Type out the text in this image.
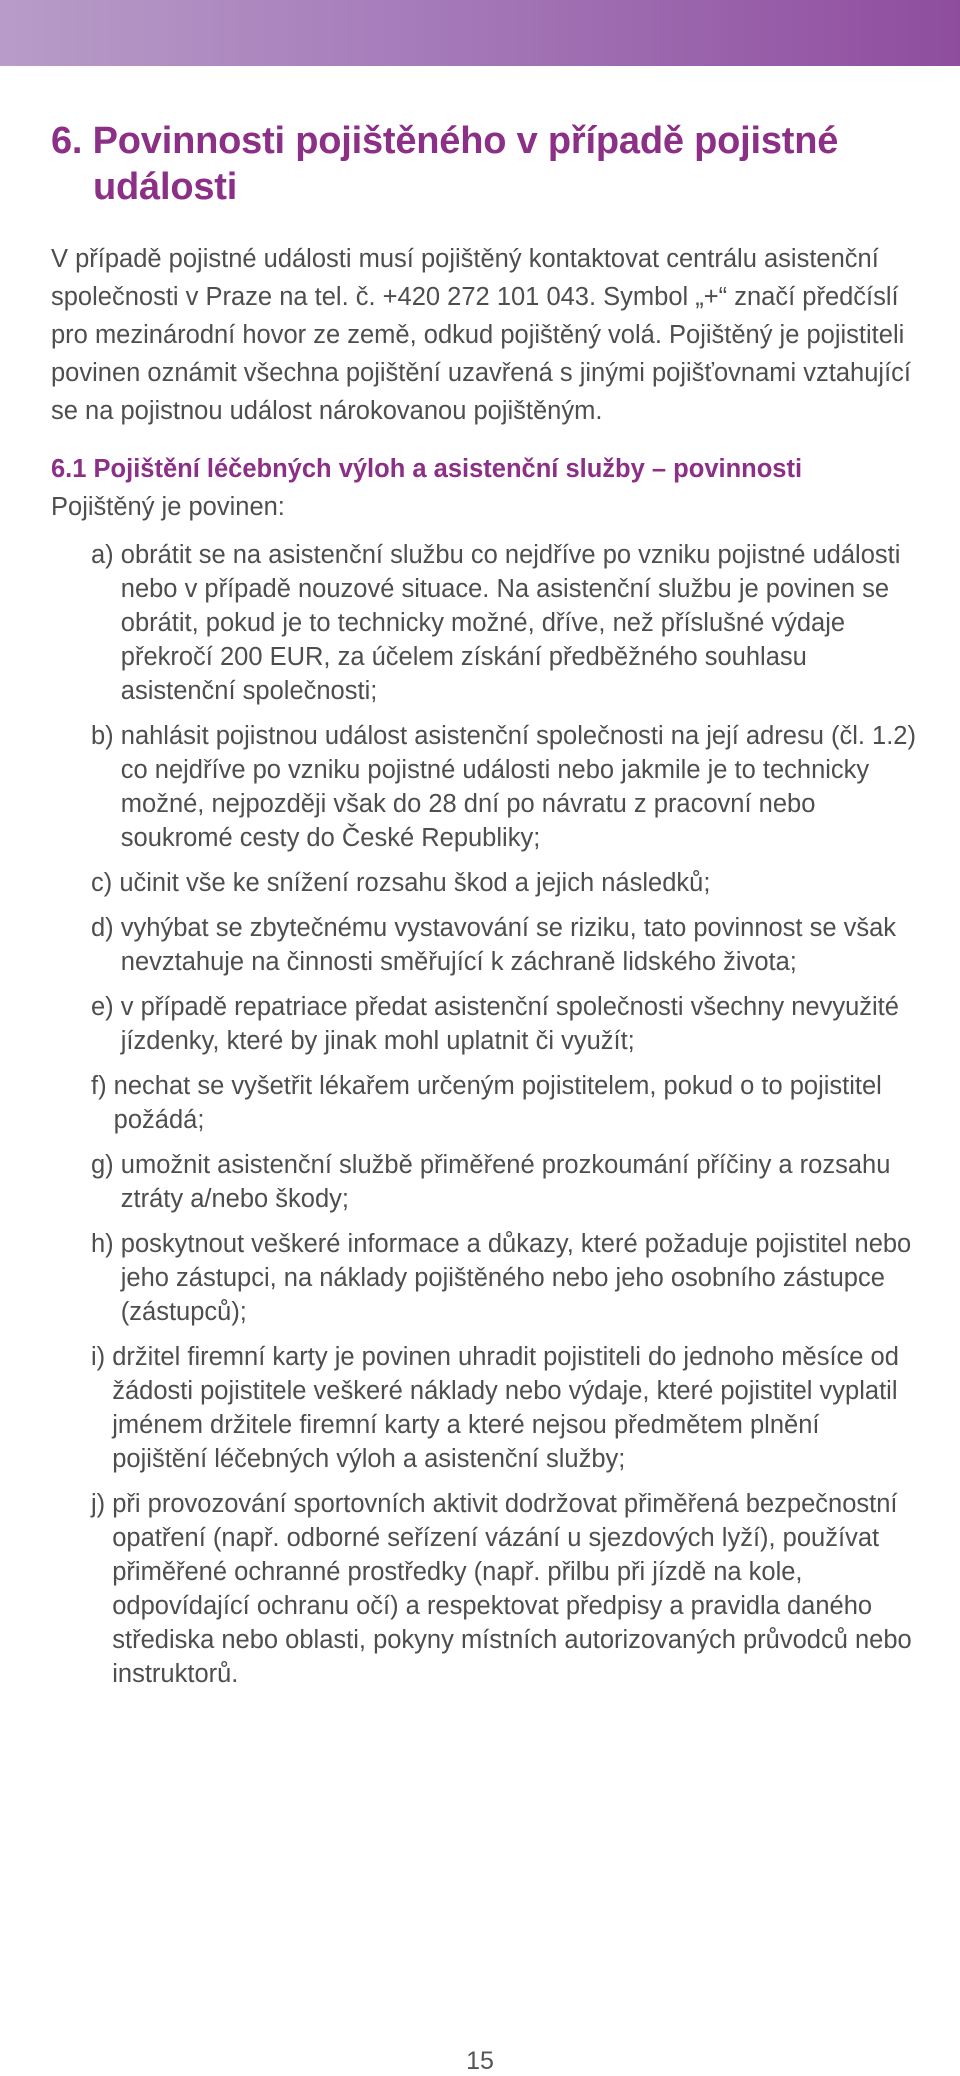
6. Povinnosti pojištěného v případě pojistné události

V případě pojistné události musí pojištěný kontaktovat centrálu asistenční společnosti v Praze na tel. č. +420 272 101 043. Symbol „+“ značí předčíslí pro mezinárodní hovor ze země, odkud pojištěný volá. Pojištěný je pojistiteli povinen oznámit všechna pojištění uzavřená s jinými pojišťovnami vztahující se na pojistnou událost nárokovanou pojištěným.

6.1 Pojištění léčebných výloh a asistenční služby – povinnosti

Pojištěný je povinen:

a) obrátit se na asistenční službu co nejdříve po vzniku pojistné události nebo v případě nouzové situace. Na asistenční službu je povinen se obrátit, pokud je to technicky možné, dříve, než příslušné výdaje překročí 200 EUR, za účelem získání předběžného souhlasu asistenční společnosti;
b) nahlásit pojistnou událost asistenční společnosti na její adresu (čl. 1.2) co nejdříve po vzniku pojistné události nebo jakmile je to technicky možné, nejpozději však do 28 dní po návratu z pracovní nebo soukromé cesty do České Republiky;
c) učinit vše ke snížení rozsahu škod a jejich následků;
d) vyhýbat se zbytečnému vystavování se riziku, tato povinnost se však nevztahuje na činnosti směřující k záchraně lidského života;
e) v případě repatriace předat asistenční společnosti všechny nevyužité jízdenky, které by jinak mohl uplatnit či využít;
f) nechat se vyšetřit lékařem určeným pojistitelem, pokud o to pojistitel požádá;
g) umožnit asistenční službě přiměřené prozkoumání příčiny a rozsahu ztráty a/nebo škody;
h) poskytnout veškeré informace a důkazy, které požaduje pojistitel nebo jeho zástupci, na náklady pojištěného nebo jeho osobního zástupce (zástupců);
i) držitel firemní karty je povinen uhradit pojistiteli do jednoho měsíce od žádosti pojistitele veškeré náklady nebo výdaje, které pojistitel vyplatil jménem držitele firemní karty a které nejsou předmětem plnění pojištění léčebných výloh a asistenční služby;
j) při provozování sportovních aktivit dodržovat přiměřená bezpečnostní opatření (např. odborné seřízení vázání u sjezdových lyží), používat přiměřené ochranné prostředky (např. přilbu při jízdě na kole, odpovídající ochranu očí) a respektovat předpisy a pravidla daného střediska nebo oblasti, pokyny místních autorizovaných průvodců nebo instruktorů.
15
